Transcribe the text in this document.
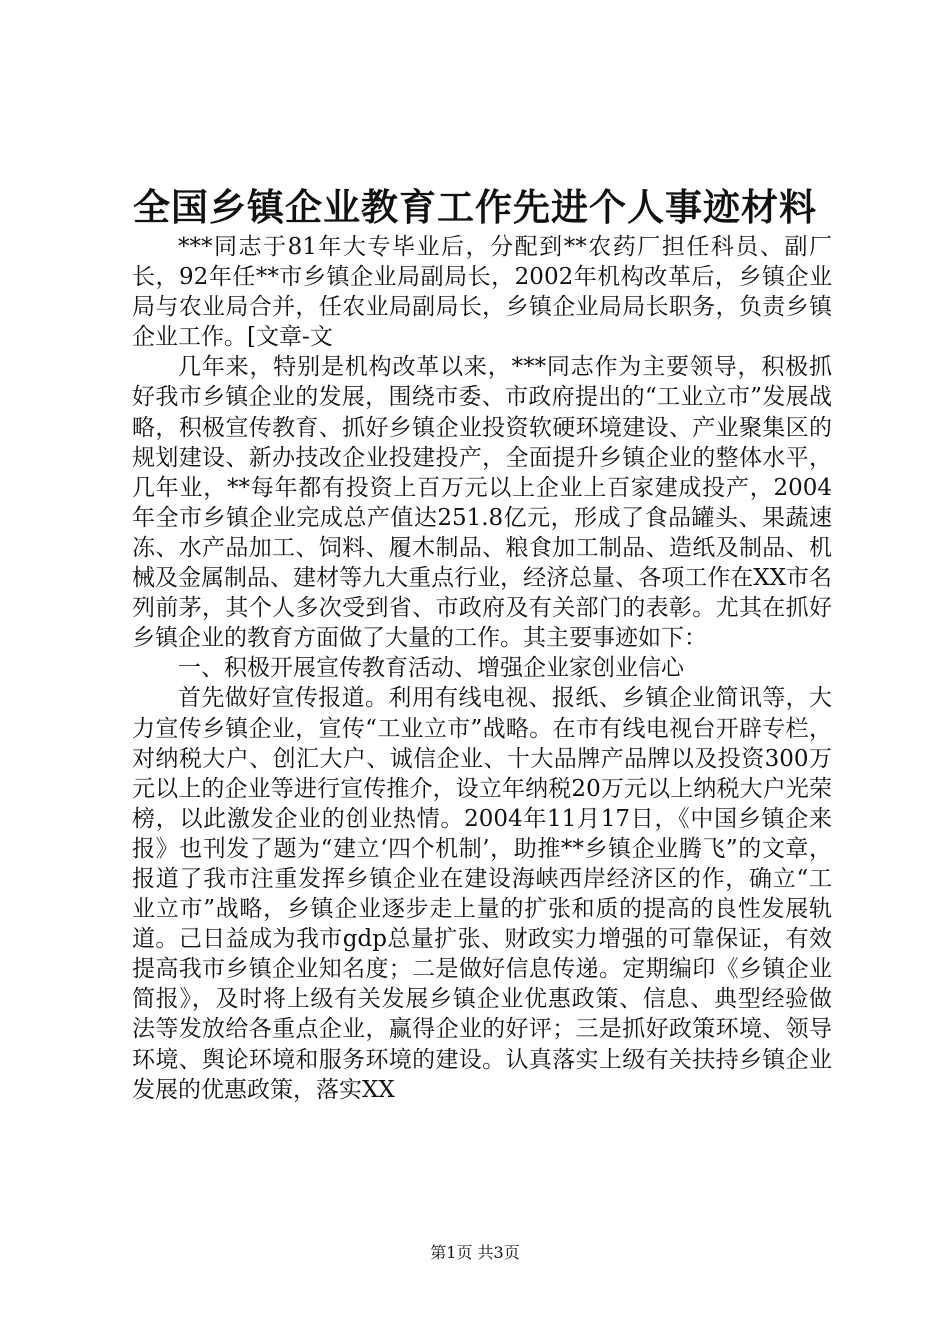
全国乡镇企业教育工作先进个人事迹材料

***同志于81年大专毕业后，分配到**农药厂担任科员、副厂长，92年任**市乡镇企业局副局长，2002年机构改革后，乡镇企业局与农业局合并，任农业局副局长，乡镇企业局局长职务，负责乡镇企业工作。[文章-文

几年来，特别是机构改革以来，***同志作为主要领导，积极抓好我市乡镇企业的发展，围绕市委、市政府提出的“工业立市”发展战略，积极宣传教育、抓好乡镇企业投资软硬环境建设、产业聚集区的规划建设、新办技改企业投建投产，全面提升乡镇企业的整体水平，几年业，**每年都有投资上百万元以上企业上百家建成投产，2004年全市乡镇企业完成总产值达251.8亿元，形成了食品罐头、果蔬速冻、水产品加工、饲料、履木制品、粮食加工制品、造纸及制品、机械及金属制品、建材等九大重点行业，经济总量、各项工作在XX市名列前茅，其个人多次受到省、市政府及有关部门的表彰。尤其在抓好乡镇企业的教育方面做了大量的工作。其主要事迹如下：

一、积极开展宣传教育活动、增强企业家创业信心

首先做好宣传报道。利用有线电视、报纸、乡镇企业简讯等，大力宣传乡镇企业，宣传“工业立市”战略。在市有线电视台开辟专栏，对纳税大户、创汇大户、诚信企业、十大品牌产品牌以及投资300万元以上的企业等进行宣传推介，设立年纳税20万元以上纳税大户光荣榜，以此激发企业的创业热情。2004年11月17日，《中国乡镇企来报》也刊发了题为“建立‘四个机制’，助推**乡镇企业腾飞”的文章，报道了我市注重发挥乡镇企业在建设海峡西岸经济区的作，确立“工业立市”战略，乡镇企业逐步走上量的扩张和质的提高的良性发展轨道。己日益成为我市gdp总量扩张、财政实力增强的可靠保证，有效提高我市乡镇企业知名度；二是做好信息传递。定期编印《乡镇企业简报》，及时将上级有关发展乡镇企业优惠政策、信息、典型经验做法等发放给各重点企业，赢得企业的好评；三是抓好政策环境、领导环境、舆论环境和服务环境的建设。认真落实上级有关扶持乡镇企业发展的优惠政策，落实XX

第1页 共3页
